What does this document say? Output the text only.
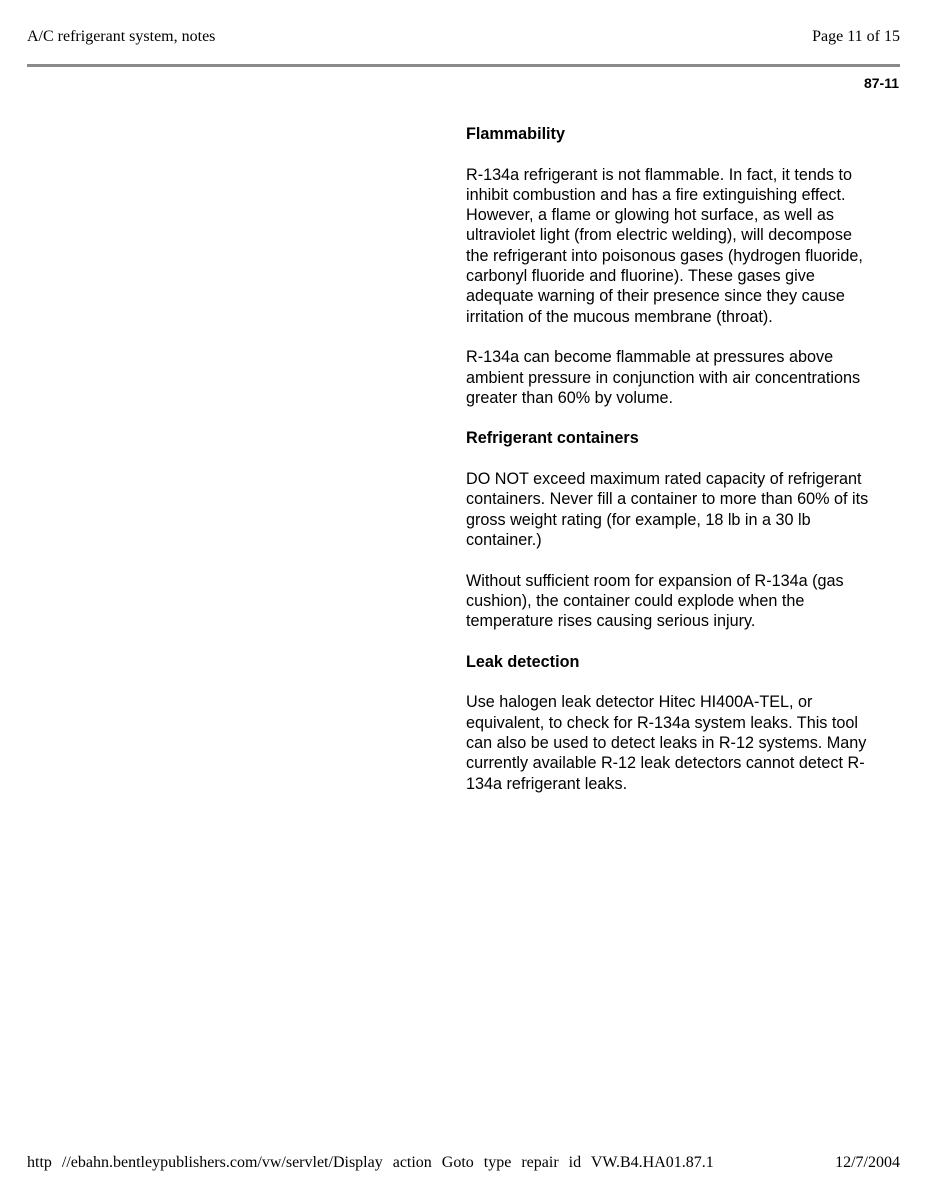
A/C refrigerant system, notes	Page 11 of 15
87-11
Flammability

R-134a refrigerant is not flammable. In fact, it tends to inhibit combustion and has a fire extinguishing effect. However, a flame or glowing hot surface, as well as ultraviolet light (from electric welding), will decompose the refrigerant into poisonous gases (hydrogen fluoride, carbonyl fluoride and fluorine). These gases give adequate warning of their presence since they cause irritation of the mucous membrane (throat).

R-134a can become flammable at pressures above ambient pressure in conjunction with air concentrations greater than 60% by volume.

Refrigerant containers

DO NOT exceed maximum rated capacity of refrigerant containers. Never fill a container to more than 60% of its gross weight rating (for example, 18 lb in a 30 lb container.)

Without sufficient room for expansion of R-134a (gas cushion), the container could explode when the temperature rises causing serious injury.

Leak detection

Use halogen leak detector Hitec HI400A-TEL, or equivalent, to check for R-134a system leaks. This tool can also be used to detect leaks in R-12 systems. Many currently available R-12 leak detectors cannot detect R-134a refrigerant leaks.

http //ebahn.bentleypublishers.com/vw/servlet/Display action Goto type repair id VW.B4.HA01.87.1	12/7/2004
